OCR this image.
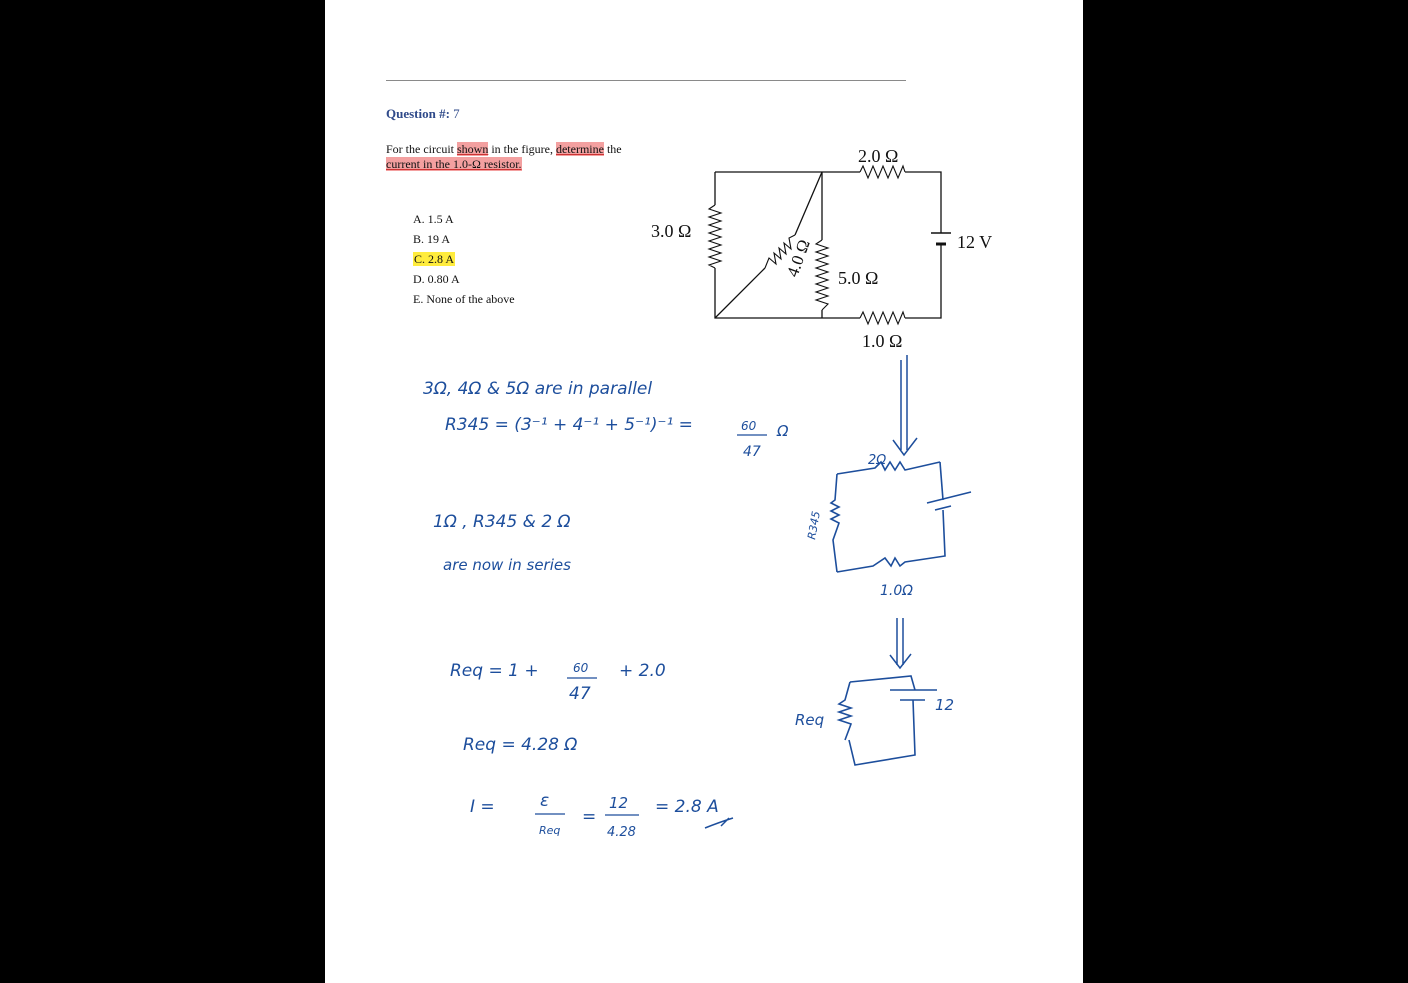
Question #: 7
For the circuit shown in the figure, determine the current in the 1.0-Ω resistor.
A. 1.5 A
B. 19 A
C. 2.8 A
D. 0.80 A
E. None of the above
3.0 Ω
4.0 Ω 5.0 Ω
2.0 Ω
1.0 Ω
12 V
3Ω, 4Ω & 5Ω are in parallel
R345 = (3⁻¹ + 4⁻¹ + 5⁻¹)⁻¹ =	60
47
Ω
1Ω , R345 & 2 Ω
are now in series
Req = 1 +	60
47
+ 2.0
Req = 4.28 Ω
I =	ε
Req
=
12
4.28
= 2.8 A
2Ω
R345
1.0Ω
Req
12
